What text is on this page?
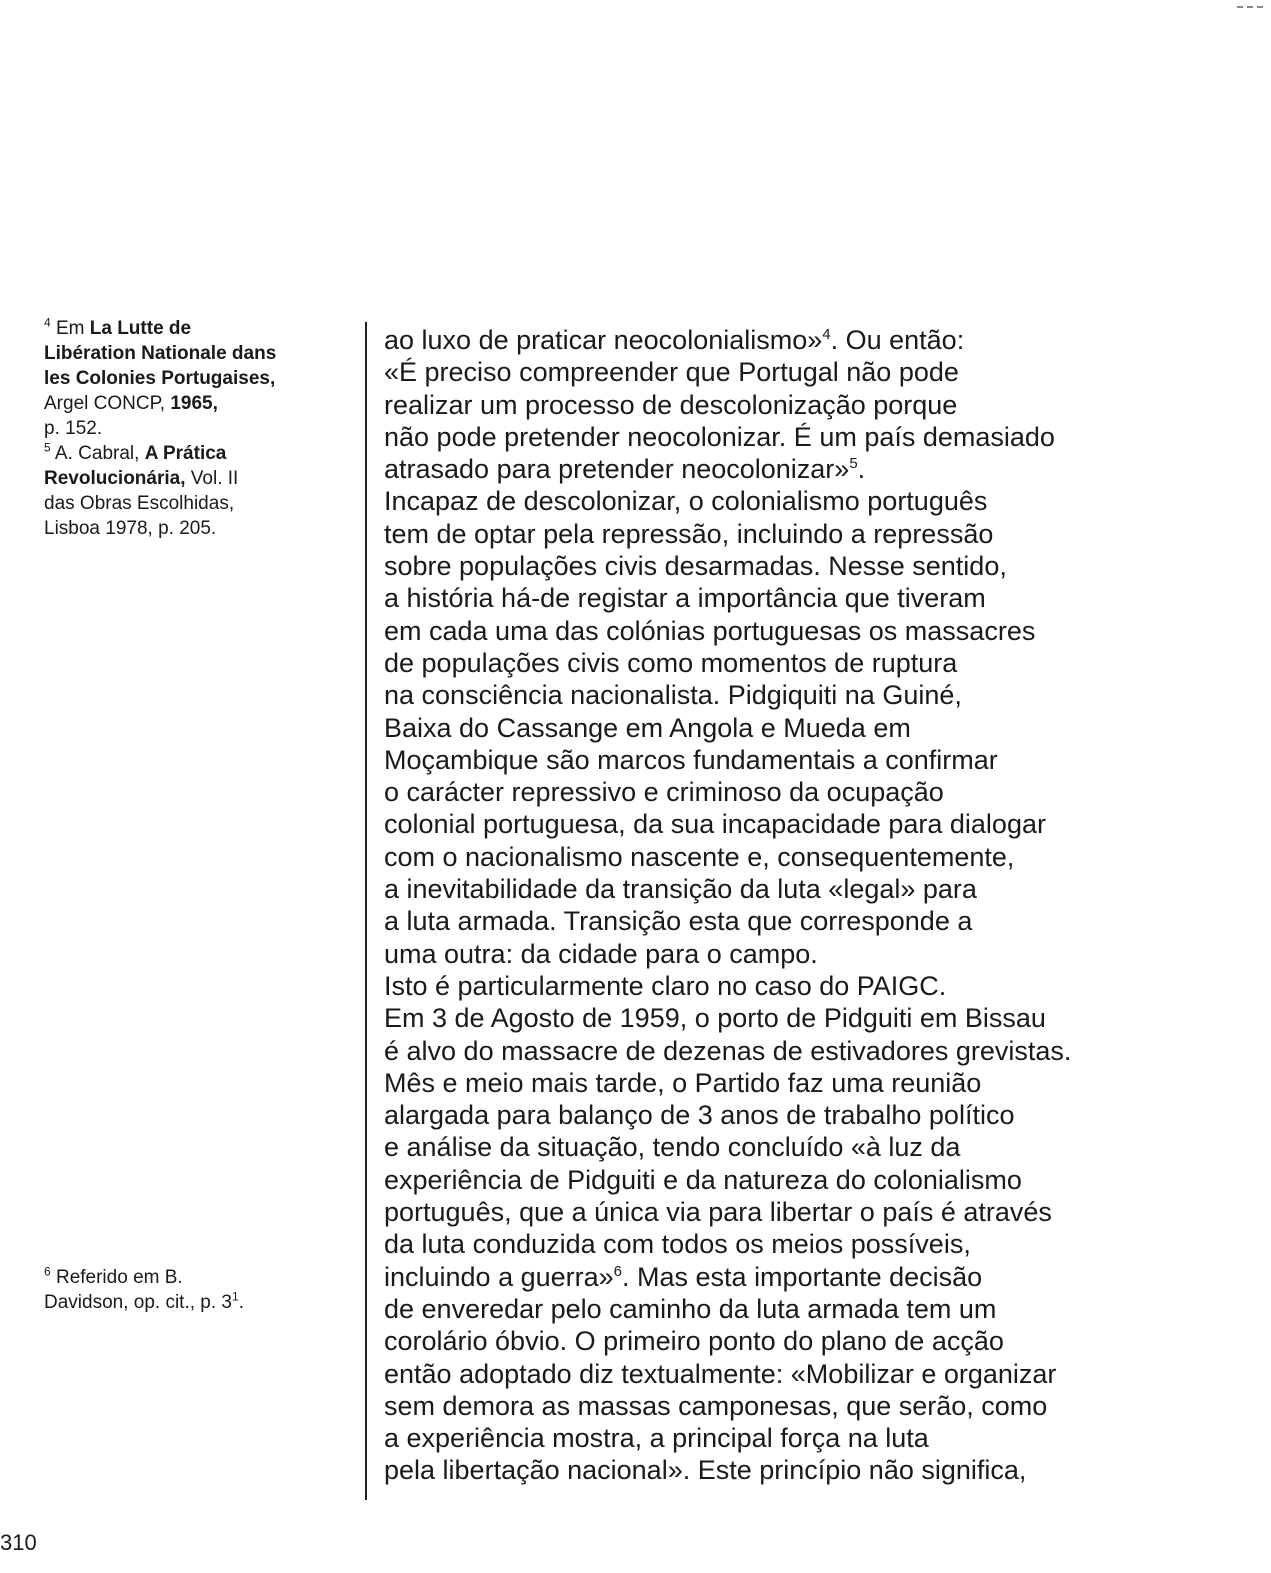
$^4$ Em La Lutte de
Libération Nationale dans
les Colonies Portugaises,
Argel CONCP, 1965,
p. 152.
$^5$ A. Cabral, A Prática
Revolucionária, Vol. II
das Obras Escolhidas,
Lisboa 1978, p. 205.
$^6$ Referido em B.
Davidson, op. cit., p. $3^1$.
ao luxo de praticar neocolonialismo»$^4$. Ou então:
«É preciso compreender que Portugal não pode
realizar um processo de descolonização porque
não pode pretender neocolonizar. É um país demasiado
atrasado para pretender neocolonizar»$^5$.
Incapaz de descolonizar, o colonialismo português
tem de optar pela repressão, incluindo a repressão
sobre populações civis desarmadas. Nesse sentido,
a história há-de registar a importância que tiveram
em cada uma das colónias portuguesas os massacres
de populações civis como momentos de ruptura
na consciência nacionalista. Pidgiquiti na Guiné,
Baixa do Cassange em Angola e Mueda em
Moçambique são marcos fundamentais a confirmar
o carácter repressivo e criminoso da ocupação
colonial portuguesa, da sua incapacidade para dialogar
com o nacionalismo nascente e, consequentemente,
a inevitabilidade da transição da luta «legal» para
a luta armada. Transição esta que corresponde a
uma outra: da cidade para o campo.
Isto é particularmente claro no caso do PAIGC.
Em 3 de Agosto de 1959, o porto de Pidguiti em Bissau
é alvo do massacre de dezenas de estivadores grevistas.
Mês e meio mais tarde, o Partido faz uma reunião
alargada para balanço de 3 anos de trabalho político
e análise da situação, tendo concluído «à luz da
experiência de Pidguiti e da natureza do colonialismo
português, que a única via para libertar o país é através
da luta conduzida com todos os meios possíveis,
incluindo a guerra»$^6$. Mas esta importante decisão
de enveredar pelo caminho da luta armada tem um
corolário óbvio. O primeiro ponto do plano de acção
então adoptado diz textualmente: «Mobilizar e organizar
sem demora as massas camponesas, que serão, como
a experiência mostra, a principal força na luta
pela libertação nacional». Este princípio não significa,
310
